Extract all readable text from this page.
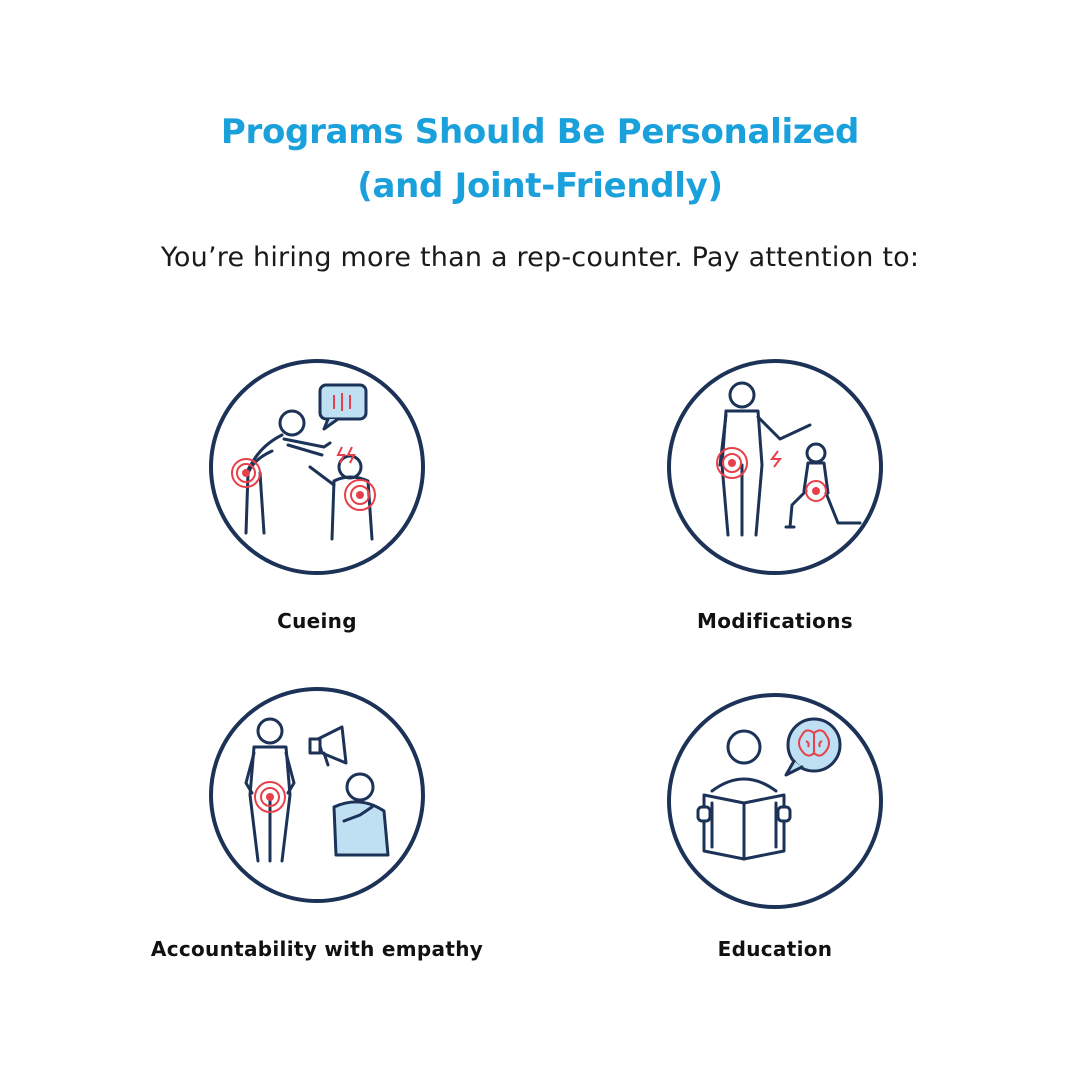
Programs Should Be Personalized
(and Joint-Friendly)
You’re hiring more than a rep-counter. Pay attention to:
Cueing	Modifications
Accountability with empathy	Education
